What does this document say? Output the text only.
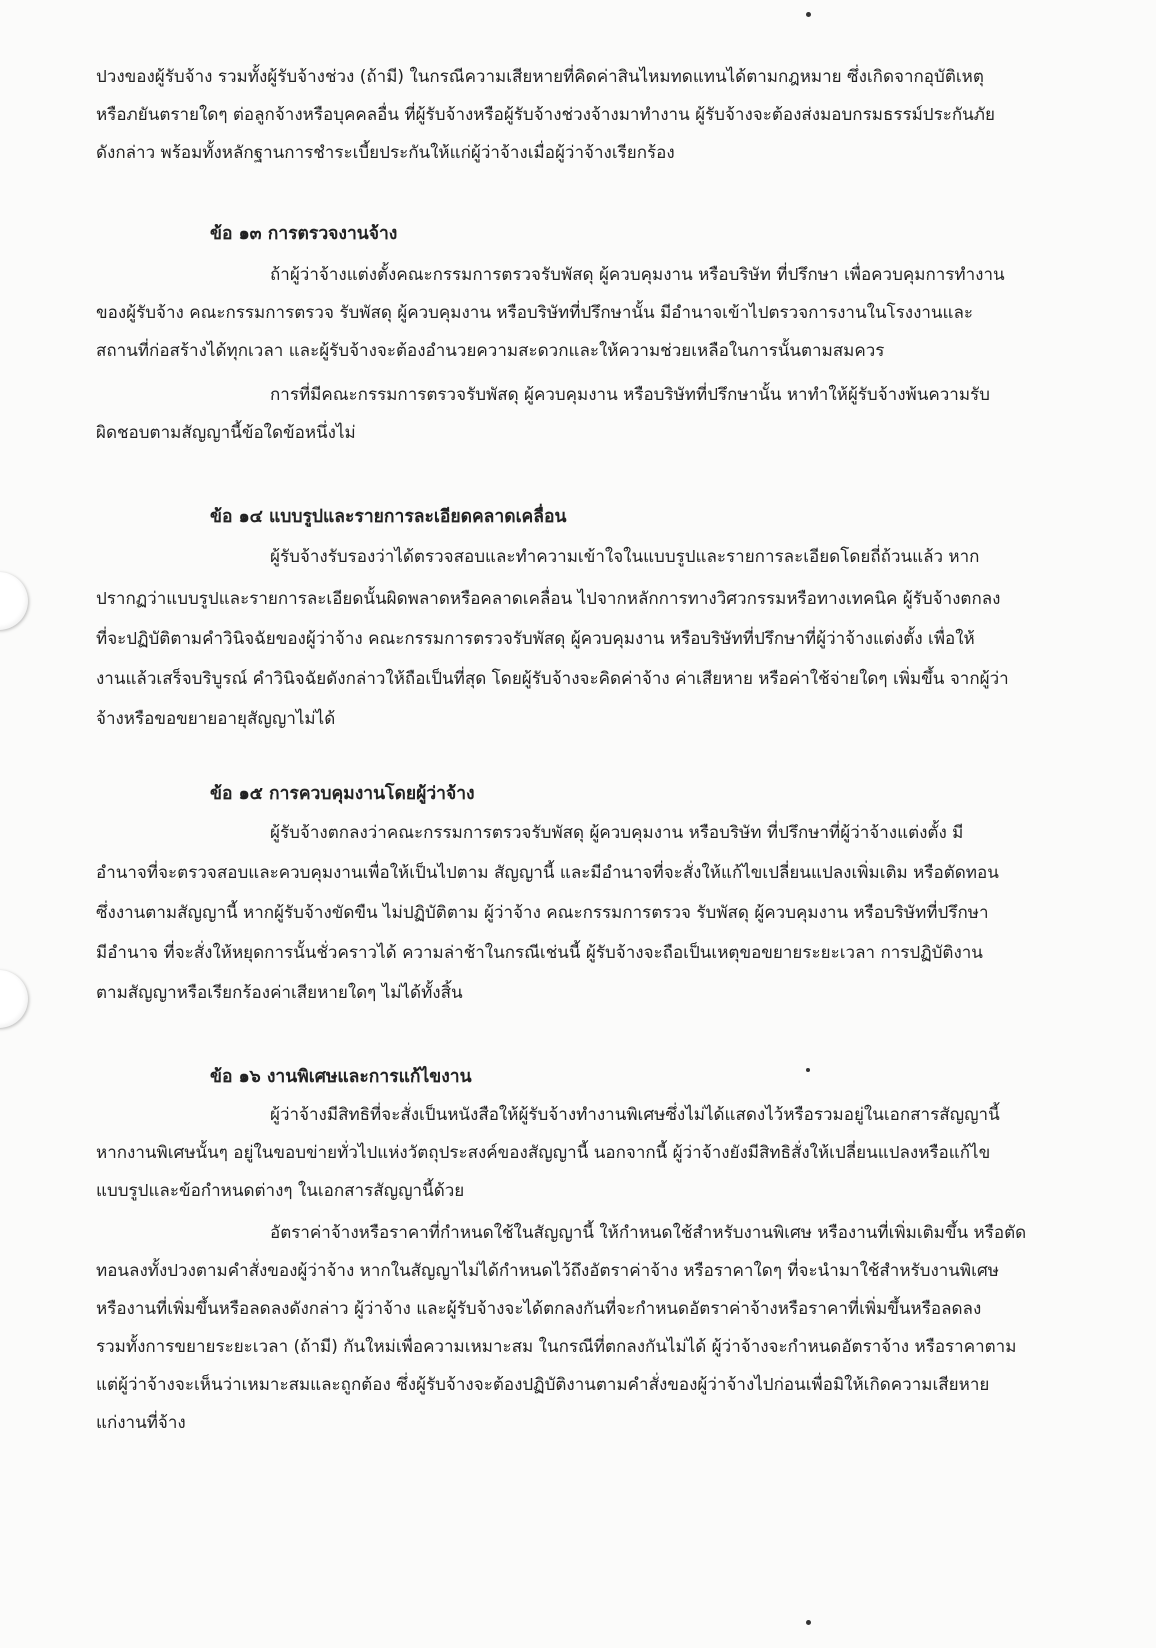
ปวงของผู้รับจ้าง รวมทั้งผู้รับจ้างช่วง (ถ้ามี) ในกรณีความเสียหายที่คิดค่าสินไหมทดแทนได้ตามกฎหมาย ซึ่งเกิดจากอุบัติเหตุ
หรือภยันตรายใดๆ ต่อลูกจ้างหรือบุคคลอื่น ที่ผู้รับจ้างหรือผู้รับจ้างช่วงจ้างมาทำงาน ผู้รับจ้างจะต้องส่งมอบกรมธรรม์ประกันภัย
ดังกล่าว พร้อมทั้งหลักฐานการชำระเบี้ยประกันให้แก่ผู้ว่าจ้างเมื่อผู้ว่าจ้างเรียกร้อง
ข้อ ๑๓ การตรวจงานจ้าง
ถ้าผู้ว่าจ้างแต่งตั้งคณะกรรมการตรวจรับพัสดุ ผู้ควบคุมงาน หรือบริษัท ที่ปรึกษา เพื่อควบคุมการทำงาน
ของผู้รับจ้าง คณะกรรมการตรวจ รับพัสดุ ผู้ควบคุมงาน หรือบริษัทที่ปรึกษานั้น มีอำนาจเข้าไปตรวจการงานในโรงงานและ
สถานที่ก่อสร้างได้ทุกเวลา และผู้รับจ้างจะต้องอำนวยความสะดวกและให้ความช่วยเหลือในการนั้นตามสมควร
การที่มีคณะกรรมการตรวจรับพัสดุ ผู้ควบคุมงาน หรือบริษัทที่ปรึกษานั้น หาทำให้ผู้รับจ้างพ้นความรับ
ผิดชอบตามสัญญานี้ข้อใดข้อหนึ่งไม่
ข้อ ๑๔ แบบรูปและรายการละเอียดคลาดเคลื่อน
ผู้รับจ้างรับรองว่าได้ตรวจสอบและทำความเข้าใจในแบบรูปและรายการละเอียดโดยถี่ถ้วนแล้ว หาก
ปรากฏว่าแบบรูปและรายการละเอียดนั้นผิดพลาดหรือคลาดเคลื่อน ไปจากหลักการทางวิศวกรรมหรือทางเทคนิค ผู้รับจ้างตกลง
ที่จะปฏิบัติตามคำวินิจฉัยของผู้ว่าจ้าง คณะกรรมการตรวจรับพัสดุ ผู้ควบคุมงาน หรือบริษัทที่ปรึกษาที่ผู้ว่าจ้างแต่งตั้ง เพื่อให้
งานแล้วเสร็จบริบูรณ์ คำวินิจฉัยดังกล่าวให้ถือเป็นที่สุด โดยผู้รับจ้างจะคิดค่าจ้าง ค่าเสียหาย หรือค่าใช้จ่ายใดๆ เพิ่มขึ้น จากผู้ว่า
จ้างหรือขอขยายอายุสัญญาไม่ได้
ข้อ ๑๕ การควบคุมงานโดยผู้ว่าจ้าง
ผู้รับจ้างตกลงว่าคณะกรรมการตรวจรับพัสดุ ผู้ควบคุมงาน หรือบริษัท ที่ปรึกษาที่ผู้ว่าจ้างแต่งตั้ง มี
อำนาจที่จะตรวจสอบและควบคุมงานเพื่อให้เป็นไปตาม สัญญานี้ และมีอำนาจที่จะสั่งให้แก้ไขเปลี่ยนแปลงเพิ่มเติม หรือตัดทอน
ซึ่งงานตามสัญญานี้ หากผู้รับจ้างขัดขืน ไม่ปฏิบัติตาม ผู้ว่าจ้าง คณะกรรมการตรวจ รับพัสดุ ผู้ควบคุมงาน หรือบริษัทที่ปรึกษา
มีอำนาจ ที่จะสั่งให้หยุดการนั้นชั่วคราวได้ ความล่าช้าในกรณีเช่นนี้ ผู้รับจ้างจะถือเป็นเหตุขอขยายระยะเวลา การปฏิบัติงาน
ตามสัญญาหรือเรียกร้องค่าเสียหายใดๆ ไม่ได้ทั้งสิ้น
ข้อ ๑๖ งานพิเศษและการแก้ไขงาน
ผู้ว่าจ้างมีสิทธิที่จะสั่งเป็นหนังสือให้ผู้รับจ้างทำงานพิเศษซึ่งไม่ได้แสดงไว้หรือรวมอยู่ในเอกสารสัญญานี้
หากงานพิเศษนั้นๆ อยู่ในขอบข่ายทั่วไปแห่งวัตถุประสงค์ของสัญญานี้ นอกจากนี้ ผู้ว่าจ้างยังมีสิทธิสั่งให้เปลี่ยนแปลงหรือแก้ไข
แบบรูปและข้อกำหนดต่างๆ ในเอกสารสัญญานี้ด้วย
อัตราค่าจ้างหรือราคาที่กำหนดใช้ในสัญญานี้ ให้กำหนดใช้สำหรับงานพิเศษ หรืองานที่เพิ่มเติมขึ้น หรือตัด
ทอนลงทั้งปวงตามคำสั่งของผู้ว่าจ้าง หากในสัญญาไม่ได้กำหนดไว้ถึงอัตราค่าจ้าง หรือราคาใดๆ ที่จะนำมาใช้สำหรับงานพิเศษ
หรืองานที่เพิ่มขึ้นหรือลดลงดังกล่าว ผู้ว่าจ้าง และผู้รับจ้างจะได้ตกลงกันที่จะกำหนดอัตราค่าจ้างหรือราคาที่เพิ่มขึ้นหรือลดลง
รวมทั้งการขยายระยะเวลา (ถ้ามี) กันใหม่เพื่อความเหมาะสม ในกรณีที่ตกลงกันไม่ได้ ผู้ว่าจ้างจะกำหนดอัตราจ้าง หรือราคาตาม
แต่ผู้ว่าจ้างจะเห็นว่าเหมาะสมและถูกต้อง ซึ่งผู้รับจ้างจะต้องปฏิบัติงานตามคำสั่งของผู้ว่าจ้างไปก่อนเพื่อมิให้เกิดความเสียหาย
แก่งานที่จ้าง
